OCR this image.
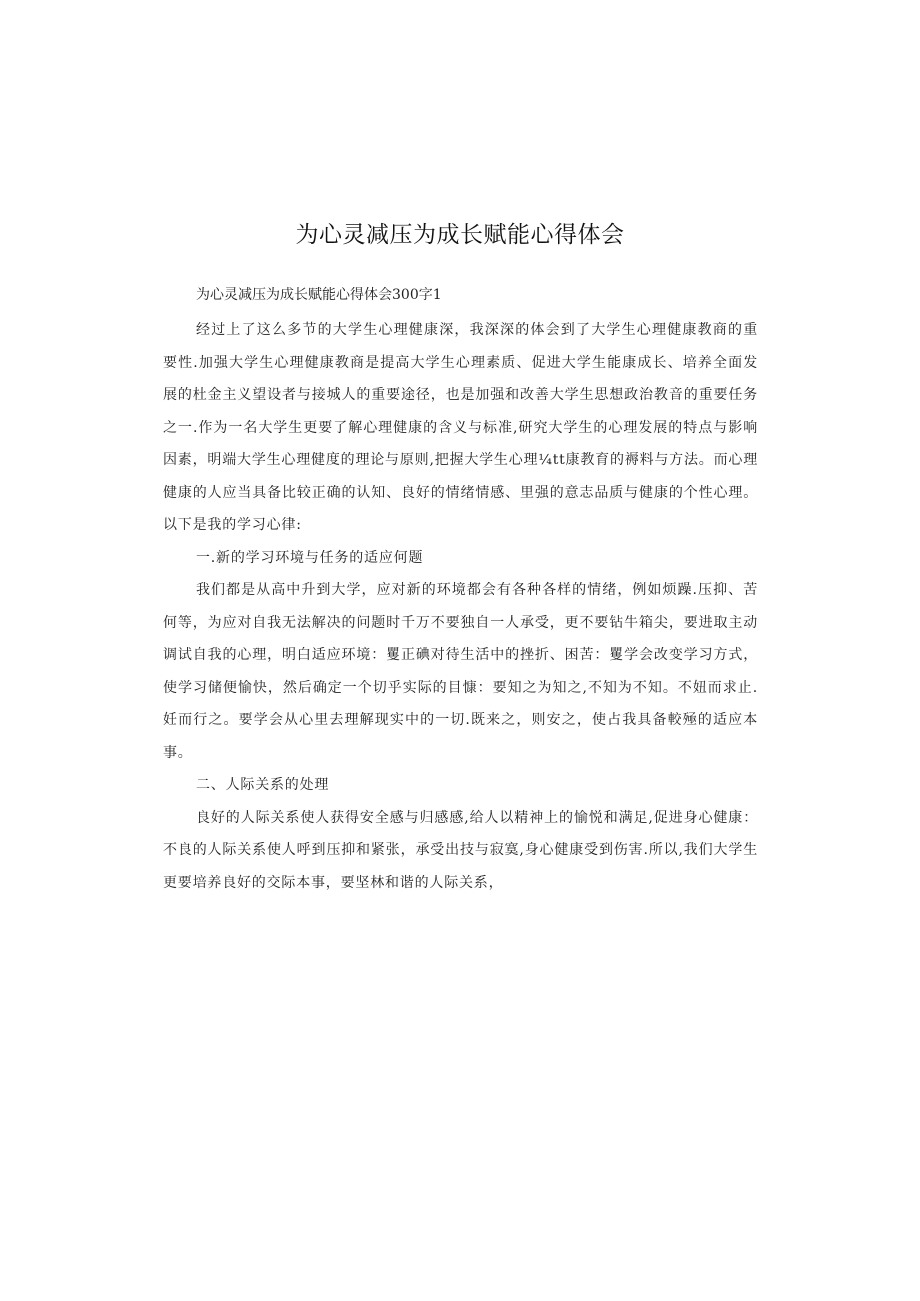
为心灵减压为成长赋能心得体会
为心灵减压为成长赋能心得体会300字1

经过上了这么多节的大学生心理健康深，我深深的体会到了大学生心理健康教商的重要性.加强大学生心理健康教商是提高大学生心理素质、促进大学生能康成长、培养全面发展的杜金主义望设者与接城人的重要途径，也是加强和改善大学生思想政治教音的重要任务之一.作为一名大学生更要了解心理健康的含义与标准,研究大学生的心理发展的特点与影响因素，明端大学生心理健度的理论与原则,把握大学生心理¼tt康教育的褥料与方法。而心理健康的人应当具备比较正确的认知、良好的情绪情感、里强的意志品质与健康的个性心理。以下是我的学习心律:

一.新的学习环境与任务的适应何题

我们都是从高中升到大学，应对新的环境都会有各种各样的情绪，例如烦躁.压抑、苦何等，为应对自我无法解决的问题时千万不要独自一人承受，更不要钻牛箱尖，要进取主动调试自我的心理，明白适应环境：矍正碘对待生活中的挫折、困苦：矍学会改变学习方式，使学习储便愉快，然后确定一个切乎实际的目慷：要知之为知之,不知为不知。不妞而求止.妊而行之。要学会从心里去理解现实中的一切.既来之，则安之，使占我具备較殛的适应本事。

二、人际关系的处理

良好的人际关系使人获得安全感与归感感,给人以精神上的愉悦和满足,促进身心健康：不良的人际关系使人呼到压抑和紧张，承受出技与寂寞,身心健康受到伤害.所以,我们大学生更要培养良好的交际本事，要坚林和谐的人际关系，
